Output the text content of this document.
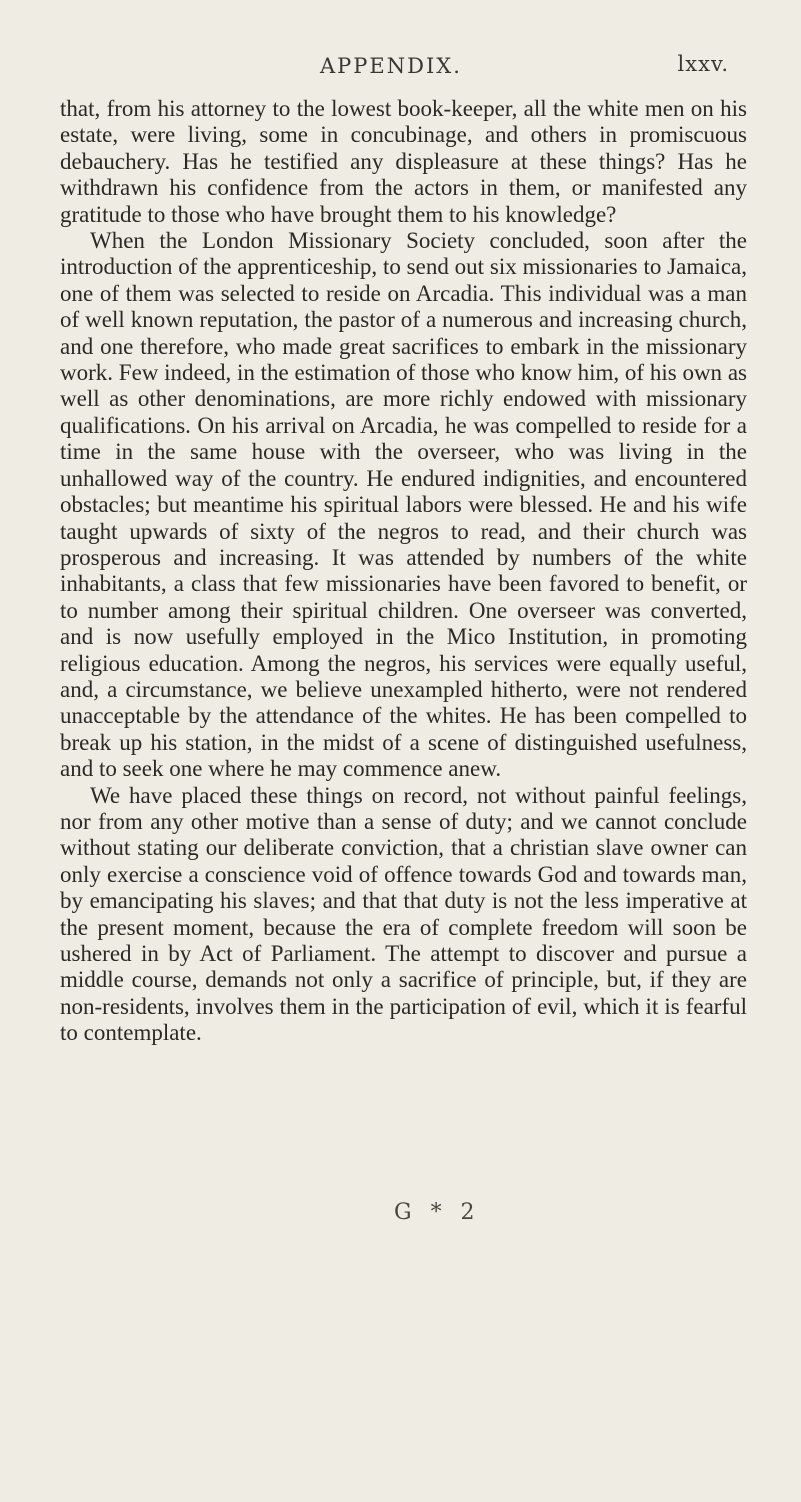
APPENDIX.	lxxv.

that, from his attorney to the lowest book-keeper, all the white men on his estate, were living, some in concubinage, and others in promiscuous debauchery. Has he testified any displeasure at these things? Has he withdrawn his confidence from the actors in them, or manifested any gratitude to those who have brought them to his knowledge?

When the London Missionary Society concluded, soon after the introduction of the apprenticeship, to send out six missionaries to Jamaica, one of them was selected to reside on Arcadia. This individual was a man of well known reputation, the pastor of a numerous and increasing church, and one therefore, who made great sacrifices to embark in the missionary work. Few indeed, in the estimation of those who know him, of his own as well as other denominations, are more richly endowed with missionary qualifications. On his arrival on Arcadia, he was compelled to reside for a time in the same house with the overseer, who was living in the unhallowed way of the country. He endured indignities, and encountered obstacles; but meantime his spiritual labors were blessed. He and his wife taught upwards of sixty of the negros to read, and their church was prosperous and increasing. It was attended by numbers of the white inhabitants, a class that few missionaries have been favored to benefit, or to number among their spiritual children. One overseer was converted, and is now usefully employed in the Mico Institution, in promoting religious education. Among the negros, his services were equally useful, and, a circumstance, we believe unexampled hitherto, were not rendered unacceptable by the attendance of the whites. He has been compelled to break up his station, in the midst of a scene of distinguished usefulness, and to seek one where he may commence anew.

We have placed these things on record, not without painful feelings, nor from any other motive than a sense of duty; and we cannot conclude without stating our deliberate conviction, that a christian slave owner can only exercise a conscience void of offence towards God and towards man, by emancipating his slaves; and that that duty is not the less imperative at the present moment, because the era of complete freedom will soon be ushered in by Act of Parliament. The attempt to discover and pursue a middle course, demands not only a sacrifice of principle, but, if they are non-residents, involves them in the participation of evil, which it is fearful to contemplate.

G * 2
